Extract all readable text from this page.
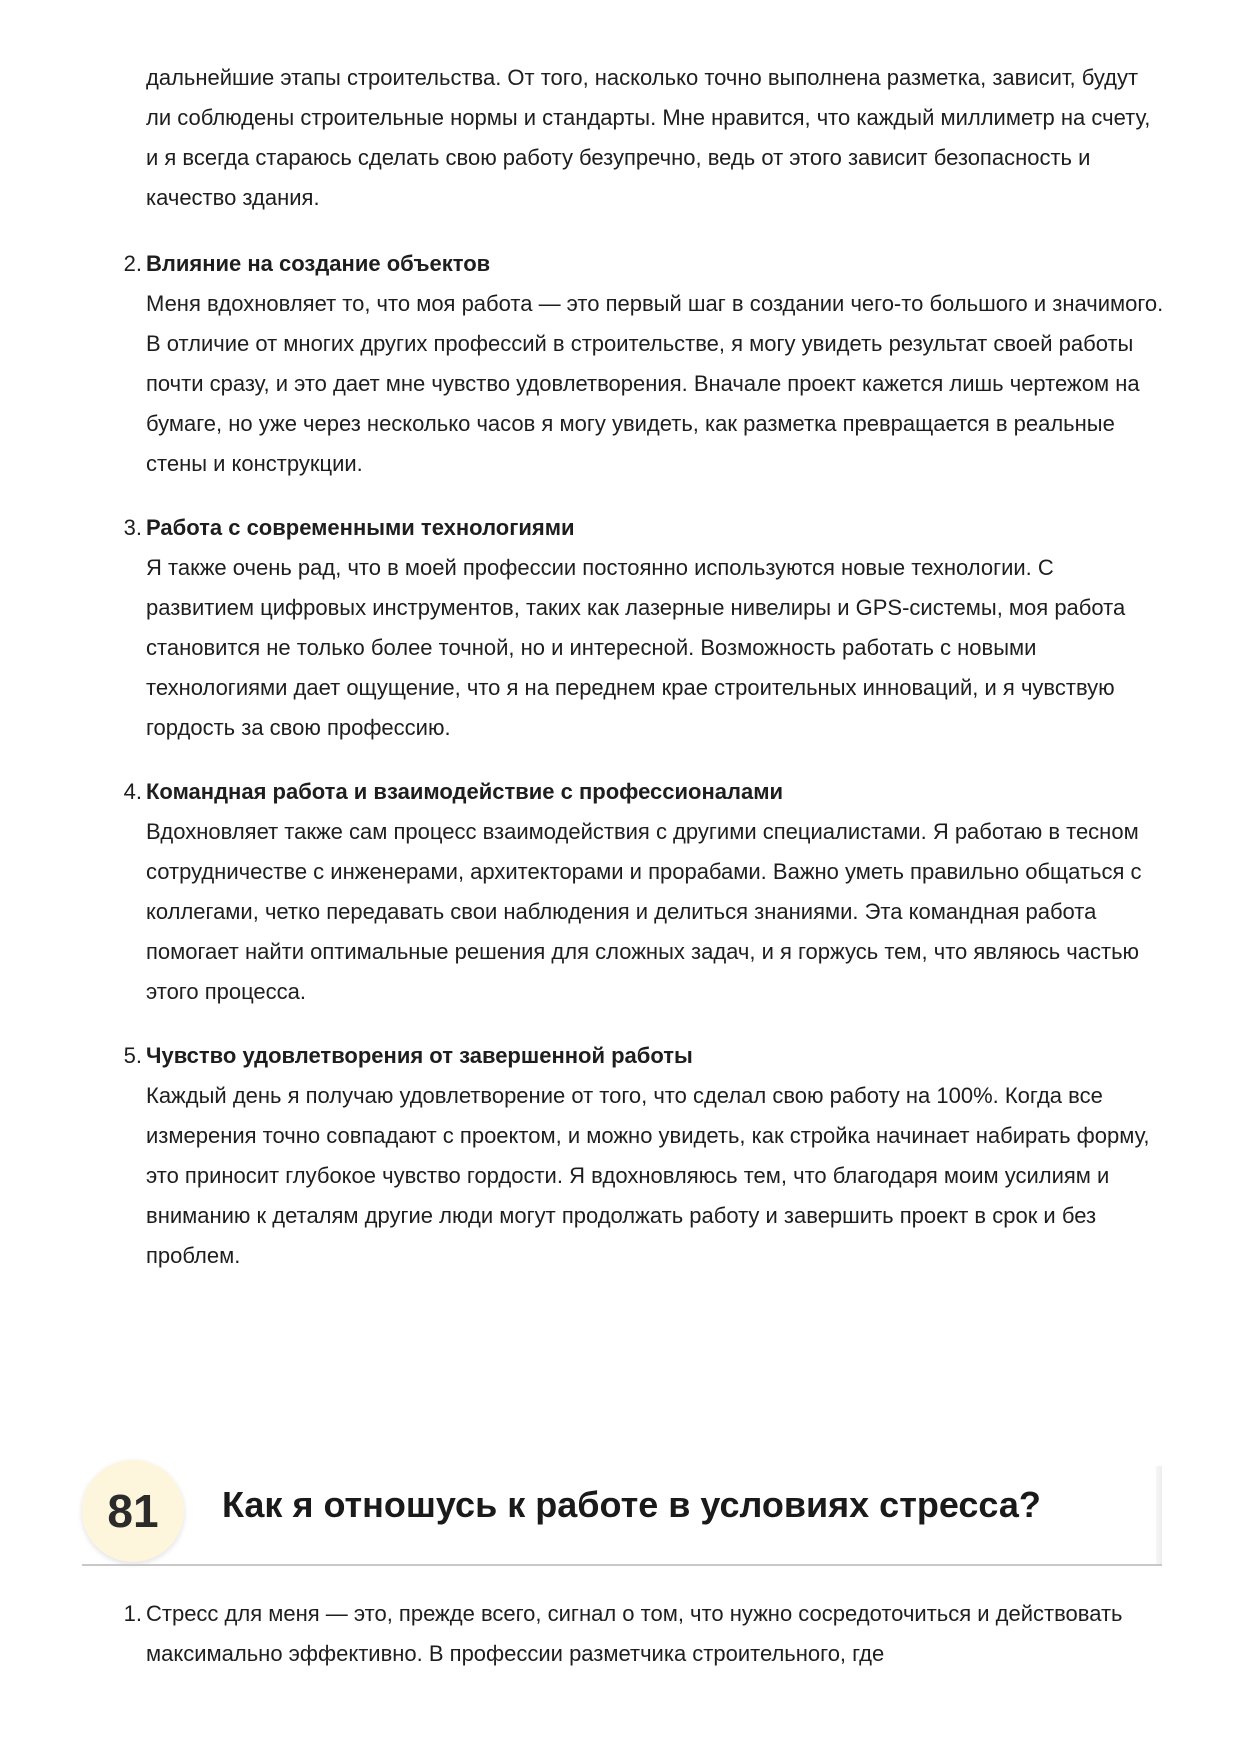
дальнейшие этапы строительства. От того, насколько точно выполнена разметка, зависит, будут ли соблюдены строительные нормы и стандарты. Мне нравится, что каждый миллиметр на счету, и я всегда стараюсь сделать свою работу безупречно, ведь от этого зависит безопасность и качество здания.
2. Влияние на создание объектов

Меня вдохновляет то, что моя работа — это первый шаг в создании чего-то большого и значимого. В отличие от многих других профессий в строительстве, я могу увидеть результат своей работы почти сразу, и это дает мне чувство удовлетворения. Вначале проект кажется лишь чертежом на бумаге, но уже через несколько часов я могу увидеть, как разметка превращается в реальные стены и конструкции.

3. Работа с современными технологиями

Я также очень рад, что в моей профессии постоянно используются новые технологии. С развитием цифровых инструментов, таких как лазерные нивелиры и GPS-системы, моя работа становится не только более точной, но и интересной. Возможность работать с новыми технологиями дает ощущение, что я на переднем крае строительных инноваций, и я чувствую гордость за свою профессию.

4. Командная работа и взаимодействие с профессионалами

Вдохновляет также сам процесс взаимодействия с другими специалистами. Я работаю в тесном сотрудничестве с инженерами, архитекторами и прорабами. Важно уметь правильно общаться с коллегами, четко передавать свои наблюдения и делиться знаниями. Эта командная работа помогает найти оптимальные решения для сложных задач, и я горжусь тем, что являюсь частью этого процесса.

5. Чувство удовлетворения от завершенной работы

Каждый день я получаю удовлетворение от того, что сделал свою работу на 100%. Когда все измерения точно совпадают с проектом, и можно увидеть, как стройка начинает набирать форму, это приносит глубокое чувство гордости. Я вдохновляюсь тем, что благодаря моим усилиям и вниманию к деталям другие люди могут продолжать работу и завершить проект в срок и без проблем.

81	Как я отношусь к работе в условиях стресса?
1. Стресс для меня — это, прежде всего, сигнал о том, что нужно сосредоточиться и действовать максимально эффективно. В профессии разметчика строительного, где
